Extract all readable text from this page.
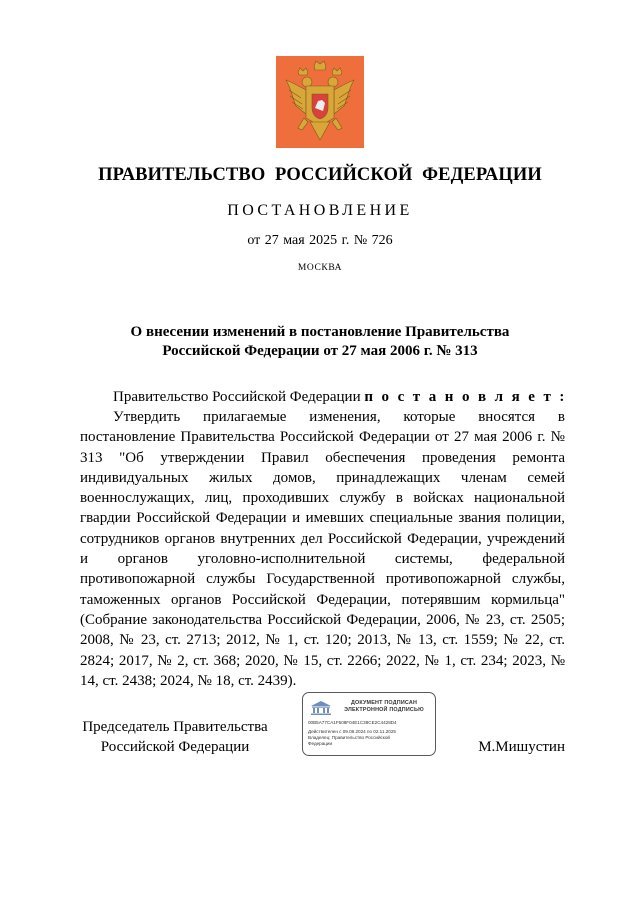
ПРАВИТЕЛЬСТВО РОССИЙСКОЙ ФЕДЕРАЦИИ
ПОСТАНОВЛЕНИЕ
от 27 мая 2025 г. № 726
МОСКВА
О внесении изменений в постановление Правительства
Российской Федерации от 27 мая 2006 г. № 313
Правительство Российской Федерации п о с т а н о в л я е т :

Утвердить прилагаемые изменения, которые вносятся в постановление Правительства Российской Федерации от 27 мая 2006 г. № 313 "Об утверждении Правил обеспечения проведения ремонта индивидуальных жилых домов, принадлежащих членам семей военнослужащих, лиц, проходивших службу в войсках национальной гвардии Российской Федерации и имевших специальные звания полиции, сотрудников органов внутренних дел Российской Федерации, учреждений и органов уголовно-исполнительной системы, федеральной противопожарной службы Государственной противопожарной службы, таможенных органов Российской Федерации, потерявшим кормильца" (Собрание законодательства Российской Федерации, 2006, № 23, ст. 2505; 2008, № 23, ст. 2713; 2012, № 1, ст. 120; 2013, № 13, ст. 1559; № 22, ст. 2824; 2017, № 2, ст. 368; 2020, № 15, ст. 2266; 2022, № 1, ст. 234; 2023, № 14, ст. 2438; 2024, № 18, ст. 2439).

Председатель Правительства
Российской Федерации
ДОКУМЕНТ ПОДПИСАН
ЭЛЕКТРОННОЙ ПОДПИСЬЮ
00B5A77CA1F608F04E1C38CE2C4428D4
Действителен с 09.08.2024 по 02.11.2025
Владелец: Правительство Российской
Федерации	М.Мишустин
